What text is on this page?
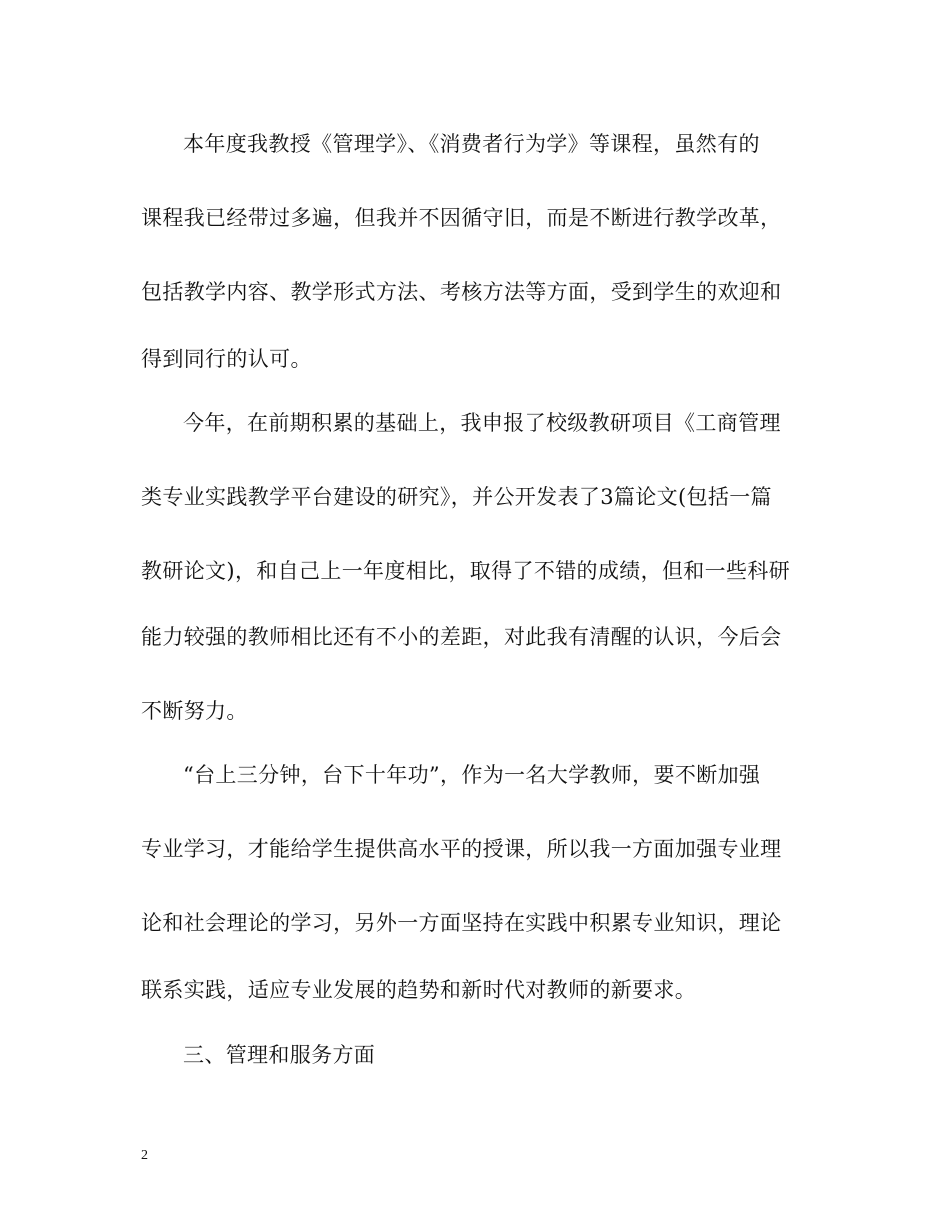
本年度我教授《管理学》、《消费者行为学》等课程，虽然有的
课程我已经带过多遍，但我并不因循守旧，而是不断进行教学改革，
包括教学内容、教学形式方法、考核方法等方面，受到学生的欢迎和
得到同行的认可。
今年，在前期积累的基础上，我申报了校级教研项目《工商管理
类专业实践教学平台建设的研究》，并公开发表了3篇论文(包括一篇
教研论文)，和自己上一年度相比，取得了不错的成绩，但和一些科研
能力较强的教师相比还有不小的差距，对此我有清醒的认识，今后会
不断努力。
“台上三分钟，台下十年功”，作为一名大学教师，要不断加强
专业学习，才能给学生提供高水平的授课，所以我一方面加强专业理
论和社会理论的学习，另外一方面坚持在实践中积累专业知识，理论
联系实践，适应专业发展的趋势和新时代对教师的新要求。
三、管理和服务方面
2
